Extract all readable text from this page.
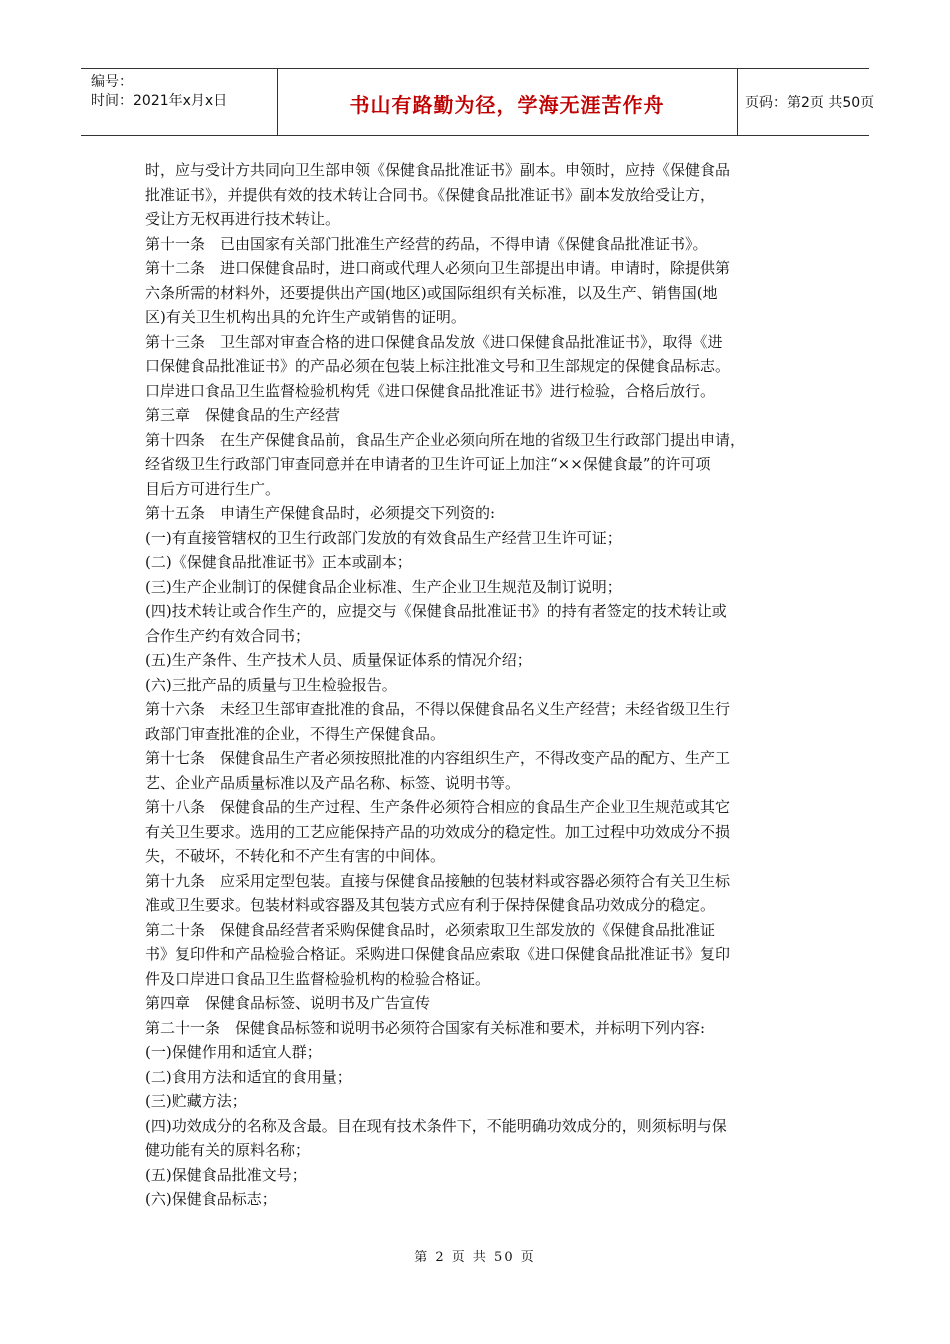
编号：
时间：2021年x月x日	书山有路勤为径，学海无涯苦作舟	页码：第2页 共50页
时，应与受计方共同向卫生部申领《保健食品批准证书》副本。申领时，应持《保健食品
批准证书》，并提供有效的技术转让合同书。《保健食品批准证书》副本发放给受让方，
受让方无权再进行技术转让。
第十一条　已由国家有关部门批准生产经营的药品，不得申请《保健食品批准证书》。
第十二条　进口保健食品时，进口商或代理人必须向卫生部提出申请。申请时，除提供第
六条所需的材料外，还要提供出产国(地区)或国际组织有关标准，以及生产、销售国(地
区)有关卫生机构出具的允许生产或销售的证明。
第十三条　卫生部对审查合格的进口保健食品发放《进口保健食品批准证书》，取得《进
口保健食品批准证书》的产品必须在包装上标注批准文号和卫生部规定的保健食品标志。
口岸进口食品卫生监督检验机构凭《进口保健食品批准证书》进行检验，合格后放行。
第三章　保健食品的生产经营
第十四条　在生产保健食品前，食品生产企业必须向所在地的省级卫生行政部门提出申请，
经省级卫生行政部门审查同意并在申请者的卫生许可证上加注“××保健食最”的许可项
目后方可进行生广。
第十五条　申请生产保健食品时，必须提交下列资的:
(一)有直接管辖权的卫生行政部门发放的有效食品生产经营卫生许可证；
(二)《保健食品批准证书》正本或副本；
(三)生产企业制订的保健食品企业标准、生产企业卫生规范及制订说明；
(四)技术转让或合作生产的，应提交与《保健食品批准证书》的持有者签定的技术转让或
合作生产约有效合同书；
(五)生产条件、生产技术人员、质量保证体系的情况介绍；
(六)三批产品的质量与卫生检验报告。
第十六条　未经卫生部审查批准的食品，不得以保健食品名义生产经营；未经省级卫生行
政部门审查批准的企业，不得生产保健食品。
第十七条　保健食品生产者必须按照批准的内容组织生产，不得改变产品的配方、生产工
艺、企业产品质量标准以及产品名称、标签、说明书等。
第十八条　保健食品的生产过程、生产条件必须符合相应的食品生产企业卫生规范或其它
有关卫生要求。选用的工艺应能保持产品的功效成分的稳定性。加工过程中功效成分不损
失，不破坏，不转化和不产生有害的中间体。
第十九条　应采用定型包装。直接与保健食品接触的包装材料或容器必须符合有关卫生标
准或卫生要求。包装材料或容器及其包装方式应有利于保持保健食品功效成分的稳定。
第二十条　保健食品经营者采购保健食品时，必须索取卫生部发放的《保健食品批准证
书》复印件和产品检验合格证。采购进口保健食品应索取《进口保健食品批准证书》复印
件及口岸进口食品卫生监督检验机构的检验合格证。
第四章　保健食品标签、说明书及广告宣传
第二十一条　保健食品标签和说明书必须符合国家有关标准和要术，并标明下列内容:
(一)保健作用和适宜人群；
(二)食用方法和适宜的食用量；
(三)贮藏方法；
(四)功效成分的名称及含最。目在现有技术条件下，不能明确功效成分的，则须标明与保
健功能有关的原料名称；
(五)保健食品批准文号；
(六)保健食品标志；
第 2 页 共 50 页
